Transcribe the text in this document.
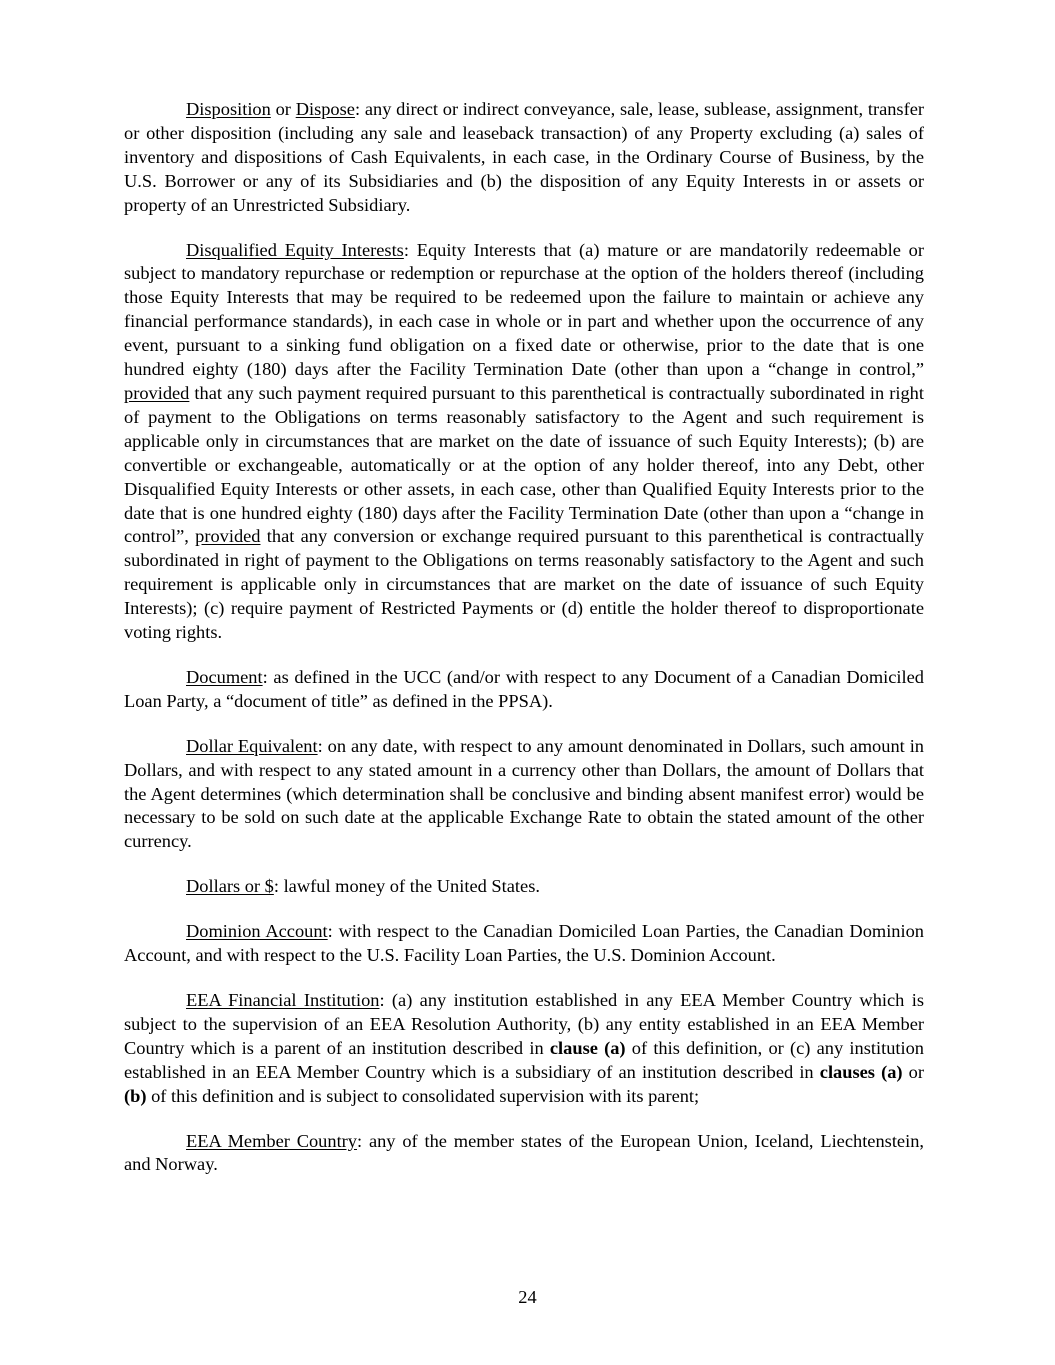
Disposition or Dispose: any direct or indirect conveyance, sale, lease, sublease, assignment, transfer or other disposition (including any sale and leaseback transaction) of any Property excluding (a) sales of inventory and dispositions of Cash Equivalents, in each case, in the Ordinary Course of Business, by the U.S. Borrower or any of its Subsidiaries and (b) the disposition of any Equity Interests in or assets or property of an Unrestricted Subsidiary.

Disqualified Equity Interests: Equity Interests that (a) mature or are mandatorily redeemable or subject to mandatory repurchase or redemption or repurchase at the option of the holders thereof (including those Equity Interests that may be required to be redeemed upon the failure to maintain or achieve any financial performance standards), in each case in whole or in part and whether upon the occurrence of any event, pursuant to a sinking fund obligation on a fixed date or otherwise, prior to the date that is one hundred eighty (180) days after the Facility Termination Date (other than upon a “change in control,” provided that any such payment required pursuant to this parenthetical is contractually subordinated in right of payment to the Obligations on terms reasonably satisfactory to the Agent and such requirement is applicable only in circumstances that are market on the date of issuance of such Equity Interests); (b) are convertible or exchangeable, automatically or at the option of any holder thereof, into any Debt, other Disqualified Equity Interests or other assets, in each case, other than Qualified Equity Interests prior to the date that is one hundred eighty (180) days after the Facility Termination Date (other than upon a “change in control”, provided that any conversion or exchange required pursuant to this parenthetical is contractually subordinated in right of payment to the Obligations on terms reasonably satisfactory to the Agent and such requirement is applicable only in circumstances that are market on the date of issuance of such Equity Interests); (c) require payment of Restricted Payments or (d) entitle the holder thereof to disproportionate voting rights.

Document: as defined in the UCC (and/or with respect to any Document of a Canadian Domiciled Loan Party, a “document of title” as defined in the PPSA).

Dollar Equivalent: on any date, with respect to any amount denominated in Dollars, such amount in Dollars, and with respect to any stated amount in a currency other than Dollars, the amount of Dollars that the Agent determines (which determination shall be conclusive and binding absent manifest error) would be necessary to be sold on such date at the applicable Exchange Rate to obtain the stated amount of the other currency.

Dollars or $: lawful money of the United States.

Dominion Account: with respect to the Canadian Domiciled Loan Parties, the Canadian Dominion Account, and with respect to the U.S. Facility Loan Parties, the U.S. Dominion Account.

EEA Financial Institution: (a) any institution established in any EEA Member Country which is subject to the supervision of an EEA Resolution Authority, (b) any entity established in an EEA Member Country which is a parent of an institution described in clause (a) of this definition, or (c) any institution established in an EEA Member Country which is a subsidiary of an institution described in clauses (a) or (b) of this definition and is subject to consolidated supervision with its parent;

EEA Member Country: any of the member states of the European Union, Iceland, Liechtenstein, and Norway.

24
